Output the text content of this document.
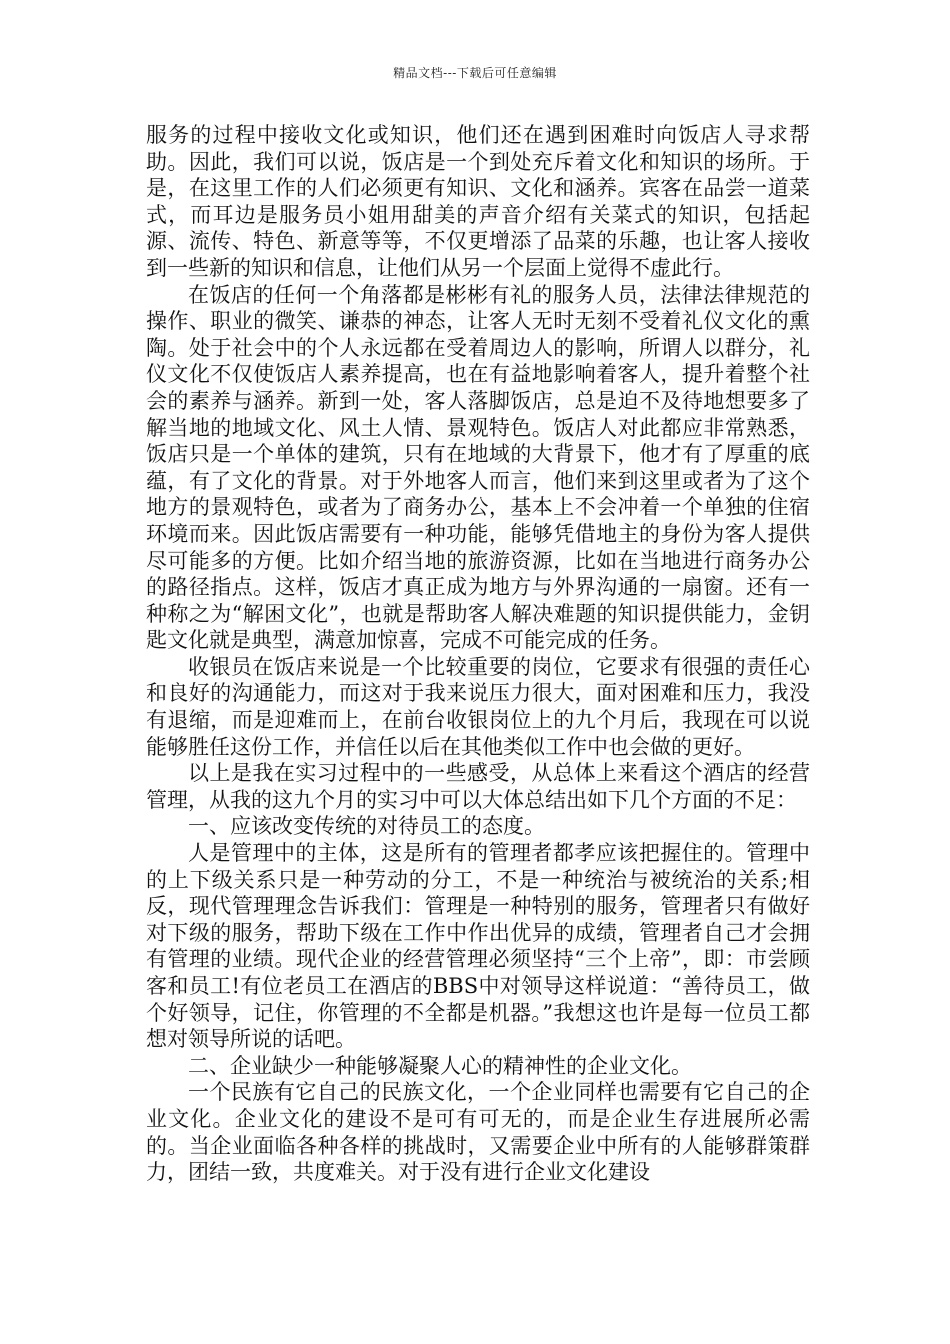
精品文档---下载后可任意编辑

服务的过程中接收文化或知识，他们还在遇到困难时向饭店人寻求帮助。因此，我们可以说，饭店是一个到处充斥着文化和知识的场所。于是，在这里工作的人们必须更有知识、文化和涵养。宾客在品尝一道菜式，而耳边是服务员小姐用甜美的声音介绍有关菜式的知识，包括起源、流传、特色、新意等等，不仅更增添了品菜的乐趣，也让客人接收到一些新的知识和信息，让他们从另一个层面上觉得不虚此行。

在饭店的任何一个角落都是彬彬有礼的服务人员，法律法律规范的操作、职业的微笑、谦恭的神态，让客人无时无刻不受着礼仪文化的熏陶。处于社会中的个人永远都在受着周边人的影响，所谓人以群分，礼仪文化不仅使饭店人素养提高，也在有益地影响着客人，提升着整个社会的素养与涵养。新到一处，客人落脚饭店，总是迫不及待地想要多了解当地的地域文化、风土人情、景观特色。饭店人对此都应非常熟悉，饭店只是一个单体的建筑，只有在地域的大背景下，他才有了厚重的底蕴，有了文化的背景。对于外地客人而言，他们来到这里或者为了这个地方的景观特色，或者为了商务办公，基本上不会冲着一个单独的住宿环境而来。因此饭店需要有一种功能，能够凭借地主的身份为客人提供尽可能多的方便。比如介绍当地的旅游资源，比如在当地进行商务办公的路径指点。这样，饭店才真正成为地方与外界沟通的一扇窗。还有一种称之为“解困文化”，也就是帮助客人解决难题的知识提供能力，金钥匙文化就是典型，满意加惊喜，完成不可能完成的任务。

收银员在饭店来说是一个比较重要的岗位，它要求有很强的责任心和良好的沟通能力，而这对于我来说压力很大，面对困难和压力，我没有退缩，而是迎难而上，在前台收银岗位上的九个月后，我现在可以说能够胜任这份工作，并信任以后在其他类似工作中也会做的更好。

以上是我在实习过程中的一些感受，从总体上来看这个酒店的经营管理，从我的这九个月的实习中可以大体总结出如下几个方面的不足：

一、应该改变传统的对待员工的态度。

人是管理中的主体，这是所有的管理者都孝应该把握住的。管理中的上下级关系只是一种劳动的分工，不是一种统治与被统治的关系;相反，现代管理理念告诉我们：管理是一种特别的服务，管理者只有做好对下级的服务，帮助下级在工作中作出优异的成绩，管理者自己才会拥有管理的业绩。现代企业的经营管理必须坚持“三个上帝”，即：市尝顾客和员工!有位老员工在酒店的BBS中对领导这样说道：“善待员工，做个好领导，记住，你管理的不全都是机器。”我想这也许是每一位员工都想对领导所说的话吧。

二、企业缺少一种能够凝聚人心的精神性的企业文化。

一个民族有它自己的民族文化，一个企业同样也需要有它自己的企业文化。企业文化的建设不是可有可无的，而是企业生存进展所必需的。当企业面临各种各样的挑战时，又需要企业中所有的人能够群策群力，团结一致，共度难关。对于没有进行企业文化建设
